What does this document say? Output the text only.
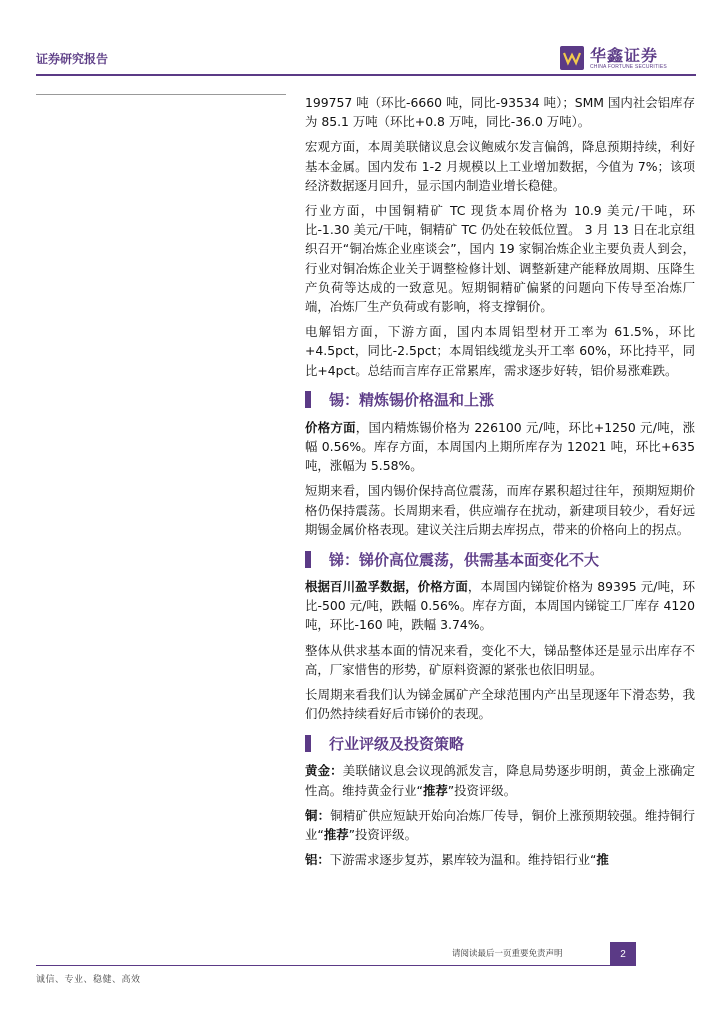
证券研究报告	华鑫证券
CHINA FORTUNE SECURITIES

199757 吨（环比-6660 吨，同比-93534 吨）；SMM 国内社会铝库存为 85.1 万吨（环比+0.8 万吨，同比-36.0 万吨）。

宏观方面，本周美联储议息会议鲍威尔发言偏鸽，降息预期持续，利好基本金属。国内发布 1-2 月规模以上工业增加数据，今值为 7%；该项经济数据逐月回升，显示国内制造业增长稳健。

行业方面，中国铜精矿 TC 现货本周价格为 10.9 美元/干吨，环比-1.30 美元/干吨，铜精矿 TC 仍处在较低位置。 3 月 13 日在北京组织召开“铜冶炼企业座谈会”，国内 19 家铜冶炼企业主要负责人到会，行业对铜冶炼企业关于调整检修计划、调整新建产能释放周期、压降生产负荷等达成的一致意见。短期铜精矿偏紧的问题向下传导至冶炼厂端，冶炼厂生产负荷或有影响，将支撑铜价。

电解铝方面，下游方面，国内本周铝型材开工率为 61.5%，环比+4.5pct，同比-2.5pct；本周铝线缆龙头开工率 60%，环比持平，同比+4pct。总结而言库存正常累库，需求逐步好转，铝价易涨难跌。

锡：精炼锡价格温和上涨

价格方面，国内精炼锡价格为 226100 元/吨，环比+1250 元/吨，涨幅 0.56%。库存方面，本周国内上期所库存为 12021 吨，环比+635 吨，涨幅为 5.58%。

短期来看，国内锡价保持高位震荡，而库存累积超过往年，预期短期价格仍保持震荡。长周期来看，供应端存在扰动，新建项目较少，看好远期锡金属价格表现。建议关注后期去库拐点，带来的价格向上的拐点。

锑：锑价高位震荡，供需基本面变化不大

根据百川盈孚数据，价格方面，本周国内锑锭价格为 89395 元/吨，环比-500 元/吨，跌幅 0.56%。库存方面，本周国内锑锭工厂库存 4120 吨，环比-160 吨，跌幅 3.74%。

整体从供求基本面的情况来看，变化不大，锑品整体还是显示出库存不高，厂家惜售的形势，矿原料资源的紧张也依旧明显。

长周期来看我们认为锑金属矿产全球范围内产出呈现逐年下滑态势，我们仍然持续看好后市锑价的表现。

行业评级及投资策略

黄金：美联储议息会议现鸽派发言，降息局势逐步明朗，黄金上涨确定性高。维持黄金行业“推荐”投资评级。

铜：铜精矿供应短缺开始向冶炼厂传导，铜价上涨预期较强。维持铜行业“推荐”投资评级。

铝：下游需求逐步复苏，累库较为温和。维持铝行业“推

请阅读最后一页重要免责声明	2
诚信、专业、稳健、高效
